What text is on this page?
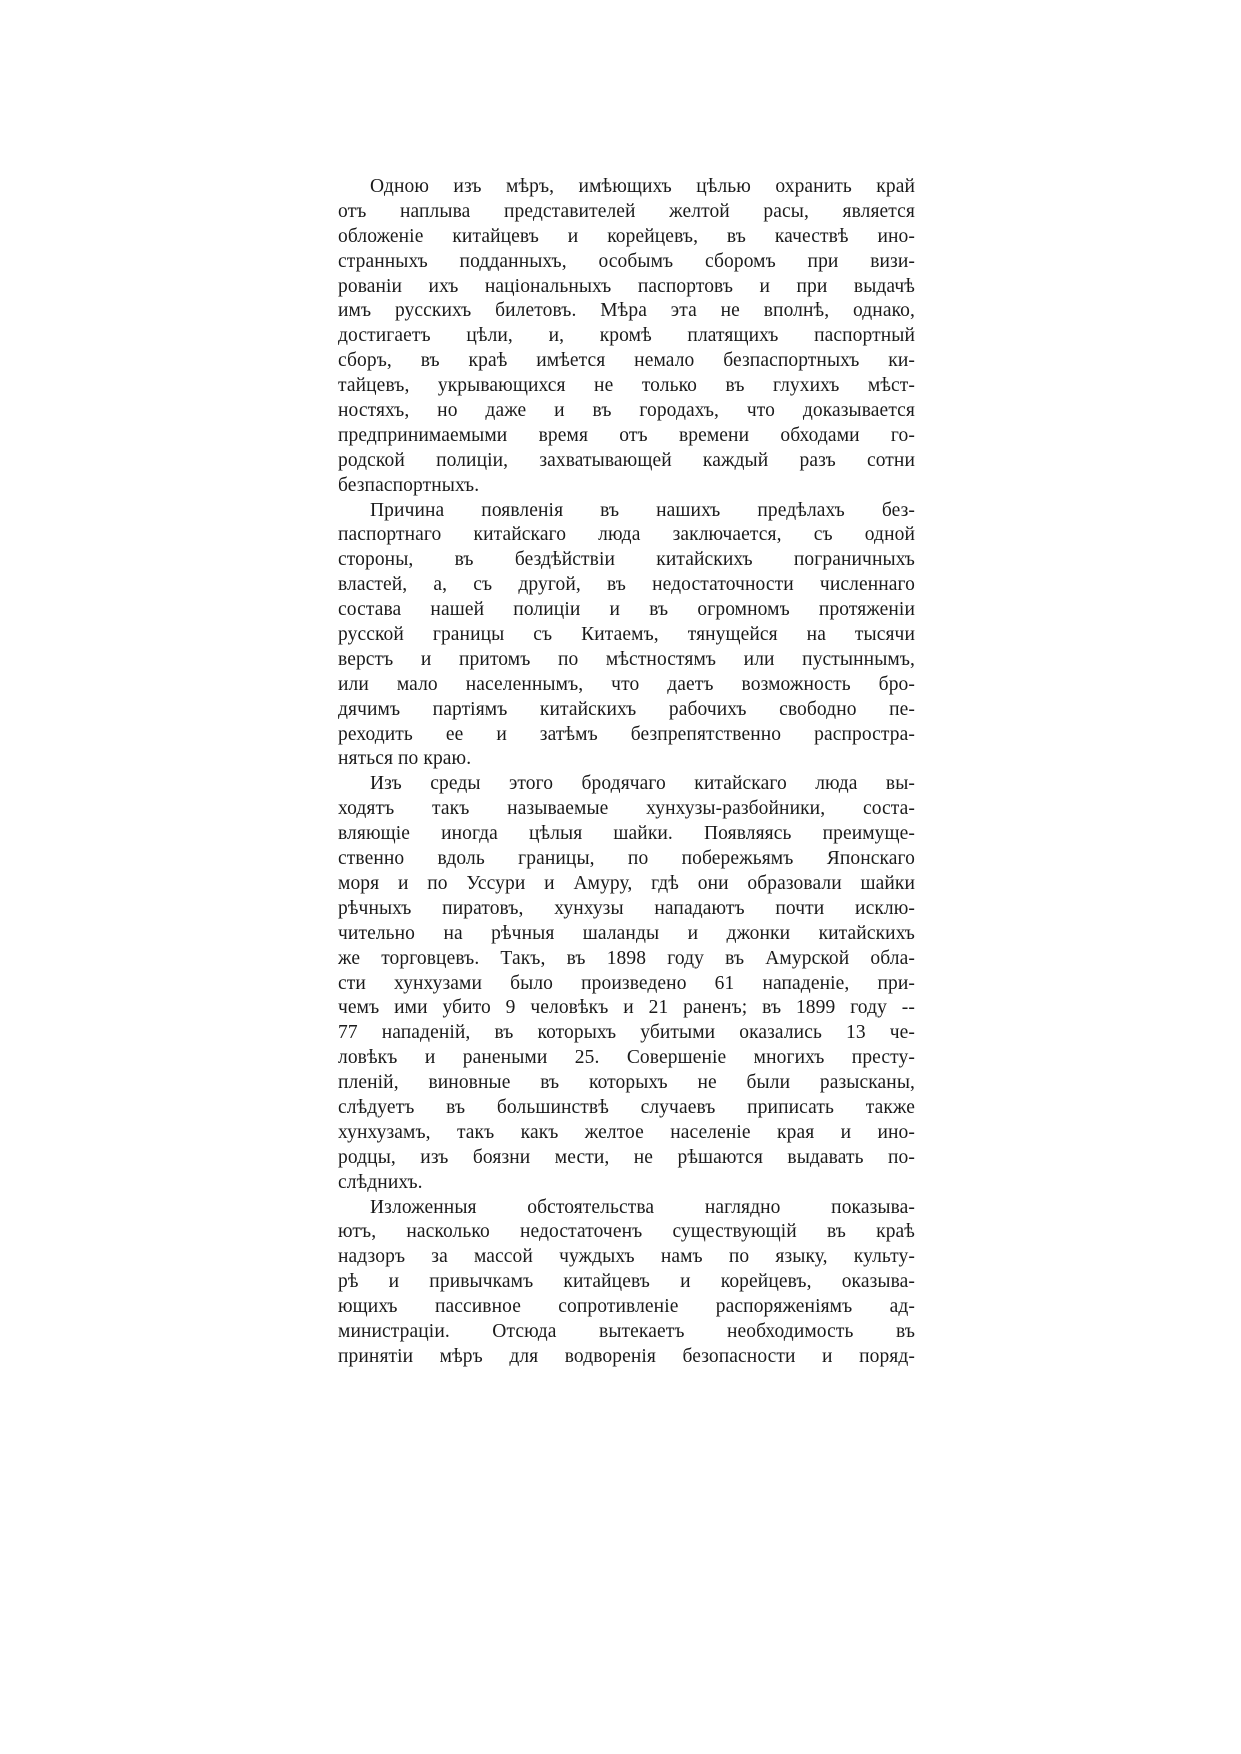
Одною изъ мѣръ, имѣющихъ цѣлью охранить край
отъ наплыва представителей желтой расы, является
обложеніе китайцевъ и корейцевъ, въ качествѣ ино-
странныхъ подданныхъ, особымъ сборомъ при визи-
рованіи ихъ національныхъ паспортовъ и при выдачѣ
имъ русскихъ билетовъ. Мѣра эта не вполнѣ, однако,
достигаетъ цѣли, и, кромѣ платящихъ паспортный
сборъ, въ краѣ имѣется немало безпаспортныхъ ки-
тайцевъ, укрывающихся не только въ глухихъ мѣст-
ностяхъ, но даже и въ городахъ, что доказывается
предпринимаемыми время отъ времени обходами го-
родской полиціи, захватывающей каждый разъ сотни
безпаспортныхъ.
Причина появленія въ нашихъ предѣлахъ без-
паспортнаго китайскаго люда заключается, съ одной
стороны, въ бездѣйствіи китайскихъ пограничныхъ
властей, а, съ другой, въ недостаточности численнаго
состава нашей полиціи и въ огромномъ протяженіи
русской границы съ Китаемъ, тянущейся на тысячи
верстъ и притомъ по мѣстностямъ или пустыннымъ,
или мало населеннымъ, что даетъ возможность бро-
дячимъ партіямъ китайскихъ рабочихъ свободно пе-
реходить ее и затѣмъ безпрепятственно распростра-
няться по краю.
Изъ среды этого бродячаго китайскаго люда вы-
ходятъ такъ называемые хунхузы-разбойники, соста-
вляющіе иногда цѣлыя шайки. Появляясь преимуще-
ственно вдоль границы, по побережьямъ Японскаго
моря и по Уссури и Амуру, гдѣ они образовали шайки
рѣчныхъ пиратовъ, хунхузы нападаютъ почти исклю-
чительно на рѣчныя шаланды и джонки китайскихъ
же торговцевъ. Такъ, въ 1898 году въ Амурской обла-
сти хунхузами было произведено 61 нападеніе, при-
чемъ ими убито 9 человѣкъ и 21 раненъ; въ 1899 году --
77 нападеній, въ которыхъ убитыми оказались 13 че-
ловѣкъ и ранеными 25. Совершеніе многихъ престу-
пленій, виновные въ которыхъ не были разысканы,
слѣдуетъ въ большинствѣ случаевъ приписать также
хунхузамъ, такъ какъ желтое населеніе края и ино-
родцы, изъ боязни мести, не рѣшаются выдавать по-
слѣднихъ.
Изложенныя обстоятельства наглядно показыва-
ютъ, насколько недостаточенъ существующій въ краѣ
надзоръ за массой чуждыхъ намъ по языку, культу-
рѣ и привычкамъ китайцевъ и корейцевъ, оказыва-
ющихъ пассивное сопротивленіе распоряженіямъ ад-
министраціи. Отсюда вытекаетъ необходимость въ
принятіи мѣръ для водворенія безопасности и поряд-
